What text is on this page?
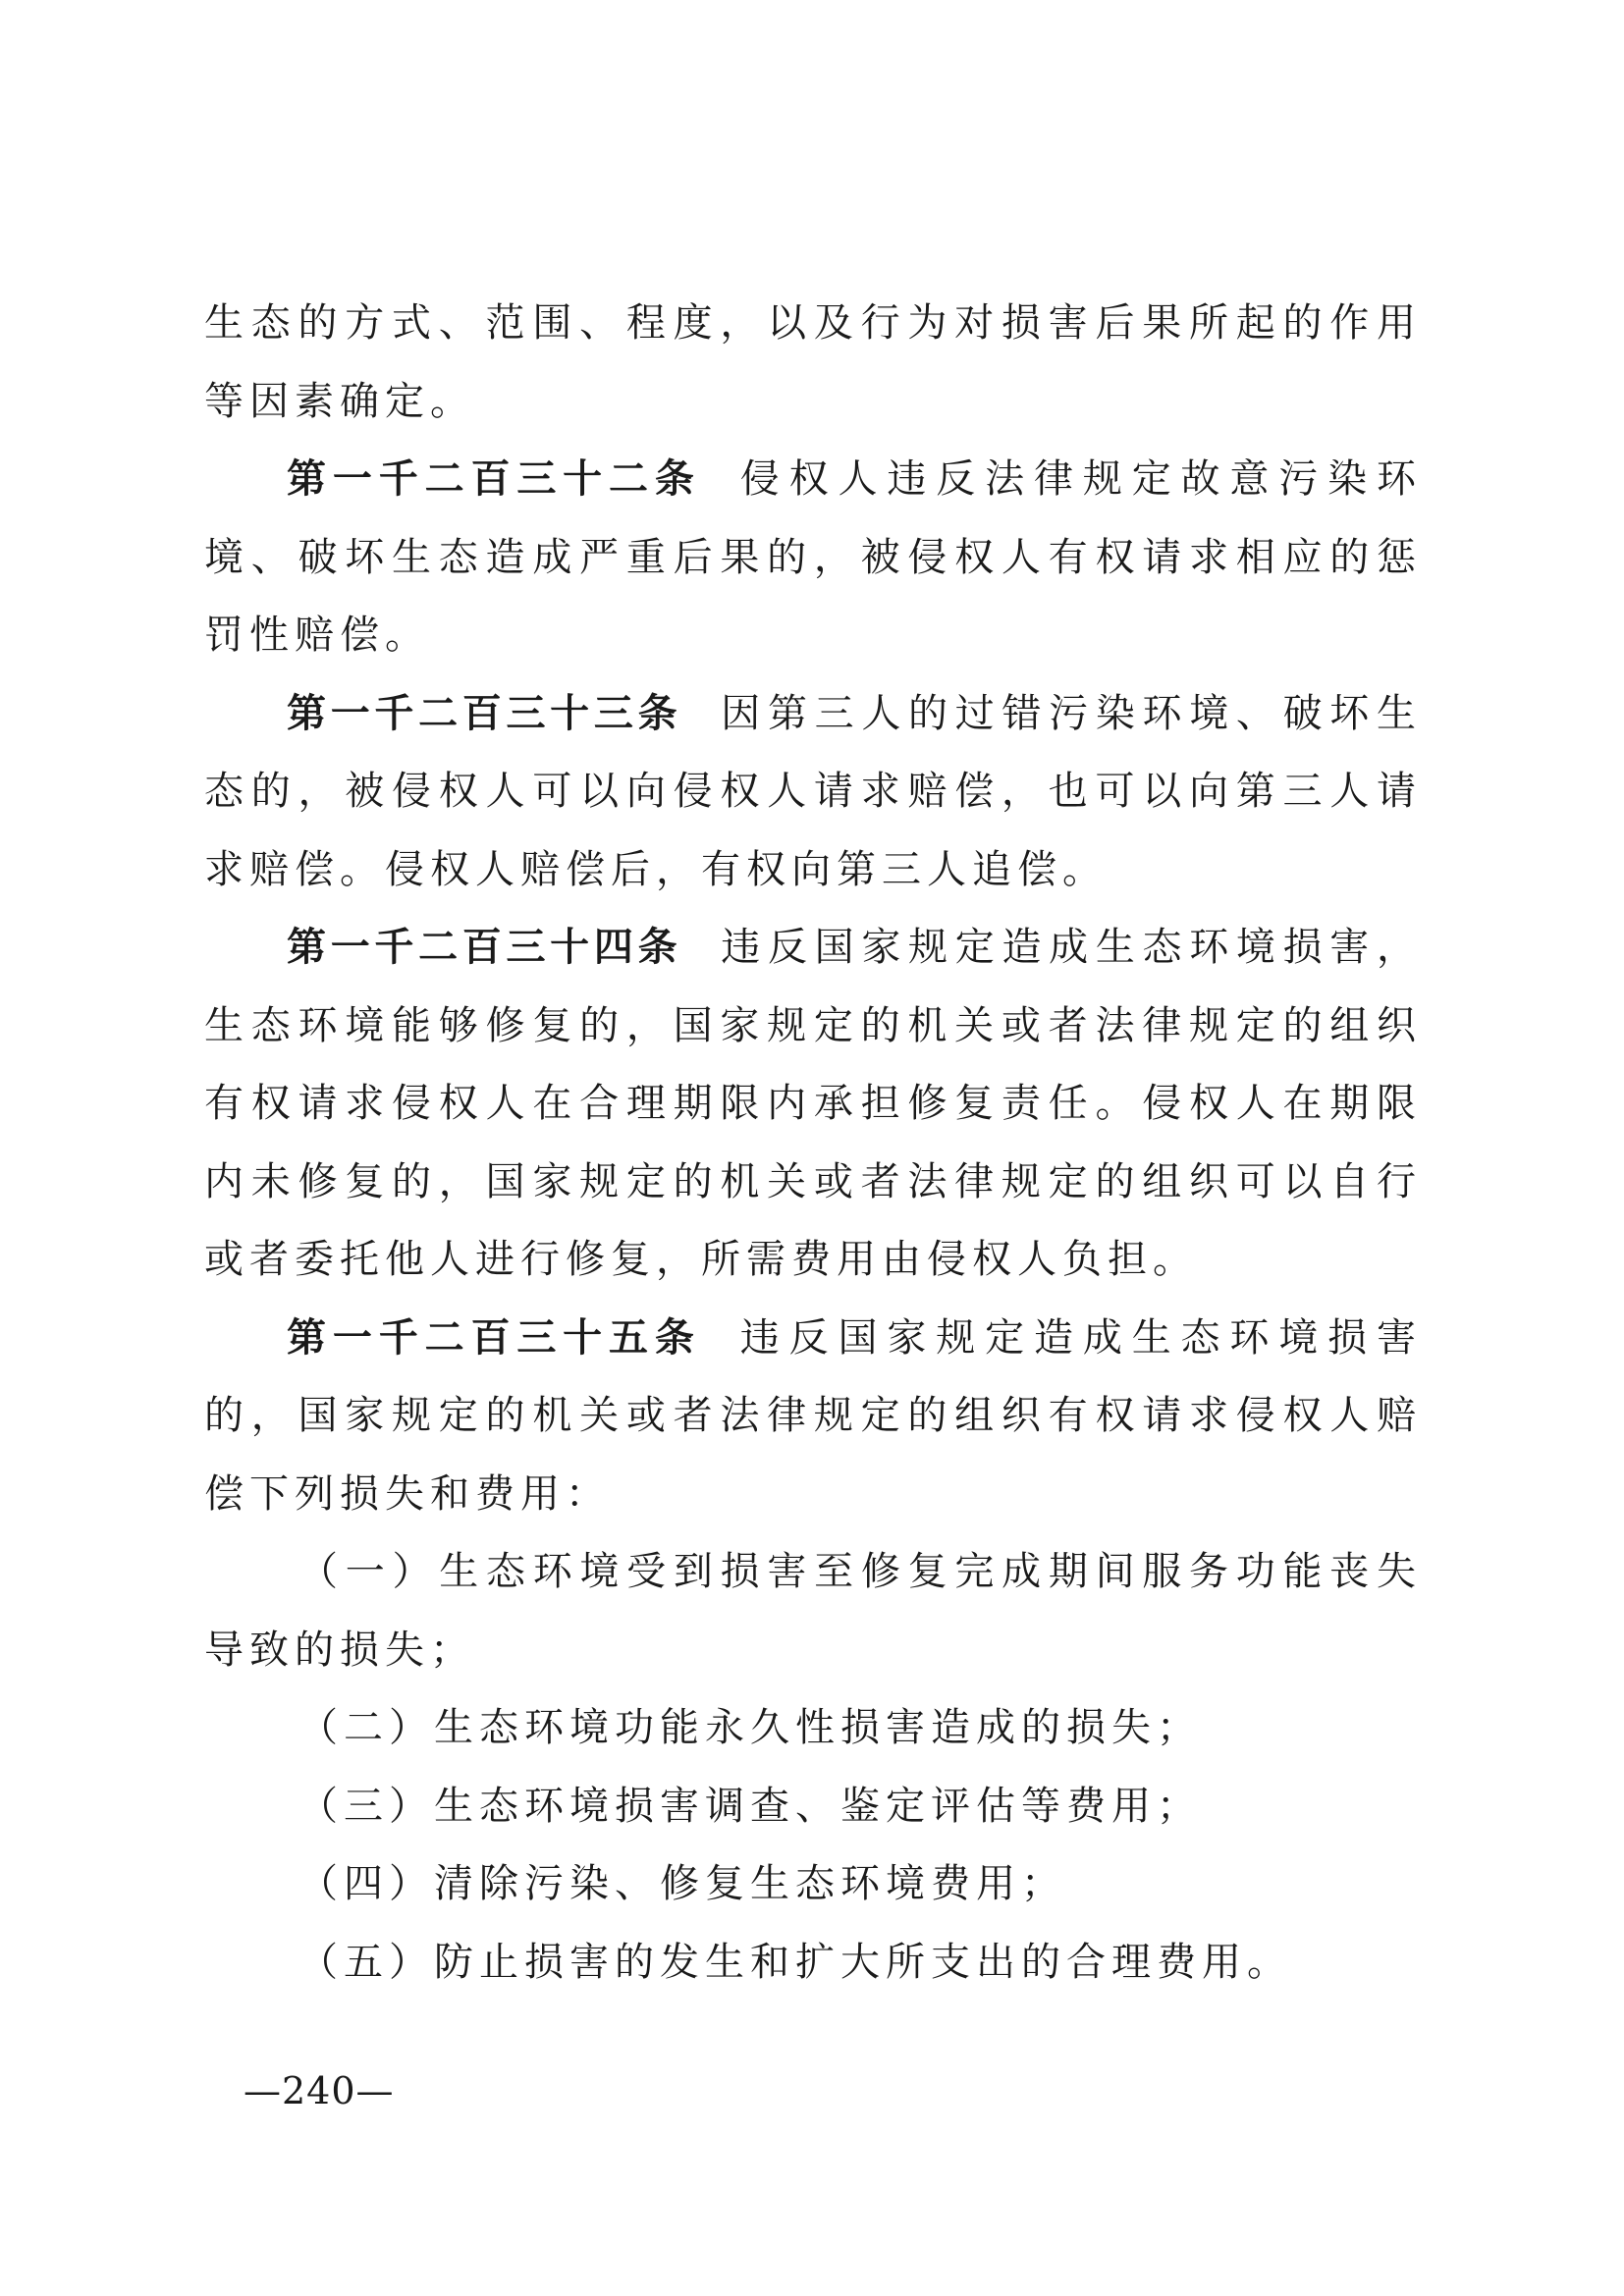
生态的方式、范围、程度，以及行为对损害后果所起的作用等因素确定。

第一千二百三十二条 侵权人违反法律规定故意污染环境、破坏生态造成严重后果的，被侵权人有权请求相应的惩罚性赔偿。

第一千二百三十三条 因第三人的过错污染环境、破坏生态的，被侵权人可以向侵权人请求赔偿，也可以向第三人请求赔偿。侵权人赔偿后，有权向第三人追偿。

第一千二百三十四条 违反国家规定造成生态环境损害，生态环境能够修复的，国家规定的机关或者法律规定的组织有权请求侵权人在合理期限内承担修复责任。侵权人在期限内未修复的，国家规定的机关或者法律规定的组织可以自行或者委托他人进行修复，所需费用由侵权人负担。

第一千二百三十五条 违反国家规定造成生态环境损害的，国家规定的机关或者法律规定的组织有权请求侵权人赔偿下列损失和费用：

（一）生态环境受到损害至修复完成期间服务功能丧失导致的损失；

（二）生态环境功能永久性损害造成的损失；

（三）生态环境损害调查、鉴定评估等费用；

（四）清除污染、修复生态环境费用；

（五）防止损害的发生和扩大所支出的合理费用。

—240—
